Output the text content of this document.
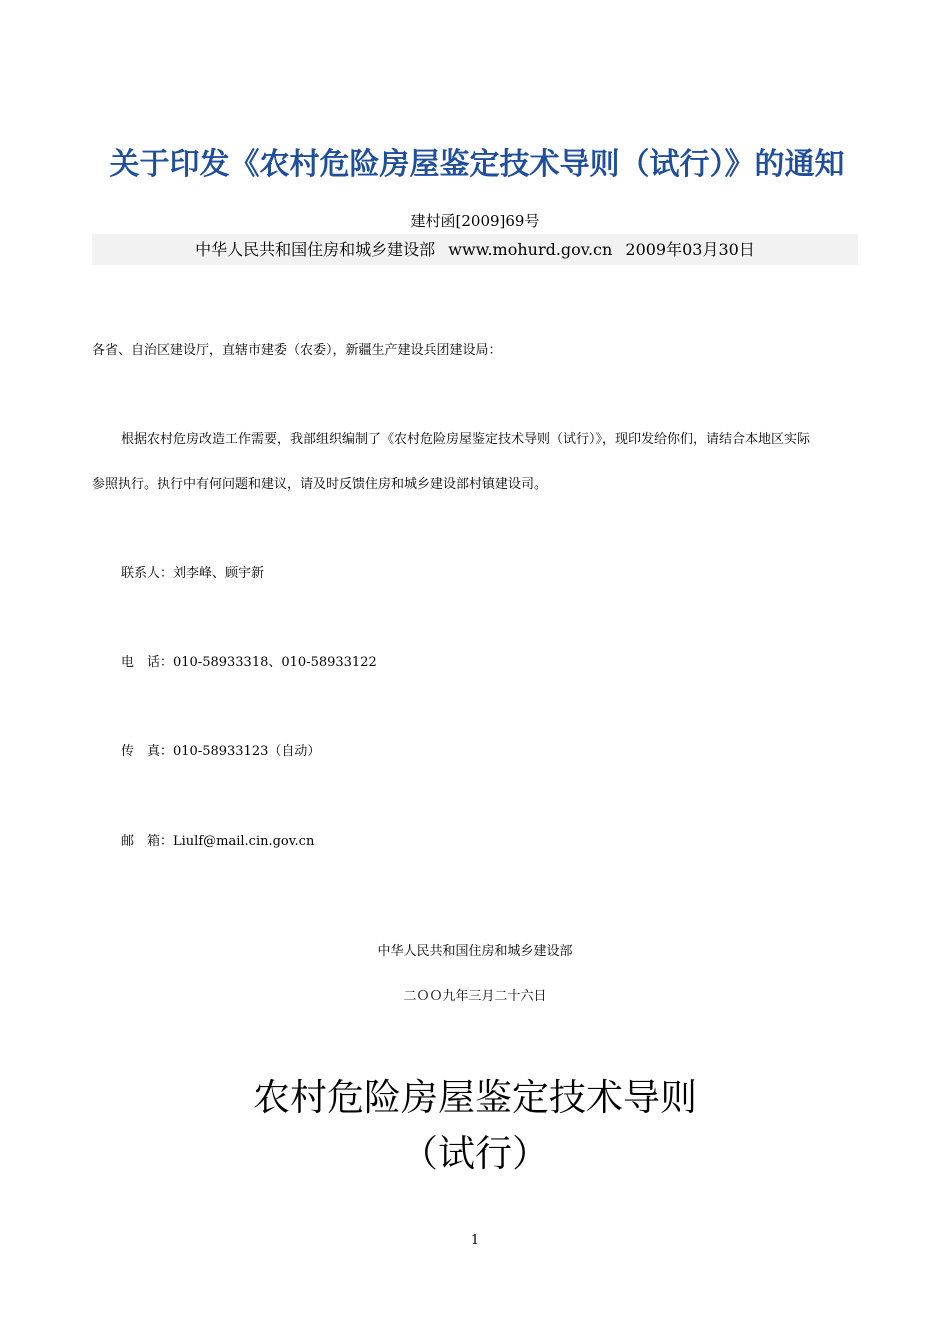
关于印发《农村危险房屋鉴定技术导则（试行）》的通知
建村函[2009]69号
中华人民共和国住房和城乡建设部 www.mohurd.gov.cn 2009年03月30日
各省、自治区建设厅，直辖市建委（农委），新疆生产建设兵团建设局：
根据农村危房改造工作需要，我部组织编制了《农村危险房屋鉴定技术导则（试行）》，现印发给你们，请结合本地区实际
参照执行。执行中有何问题和建议，请及时反馈住房和城乡建设部村镇建设司。
联系人：刘李峰、顾宇新
电　话：010-58933318、010-58933122
传　真：010-58933123（自动）
邮　箱：Liulf@mail.cin.gov.cn
中华人民共和国住房和城乡建设部
二ＯＯ九年三月二十六日
农村危险房屋鉴定技术导则
（试行）
1
